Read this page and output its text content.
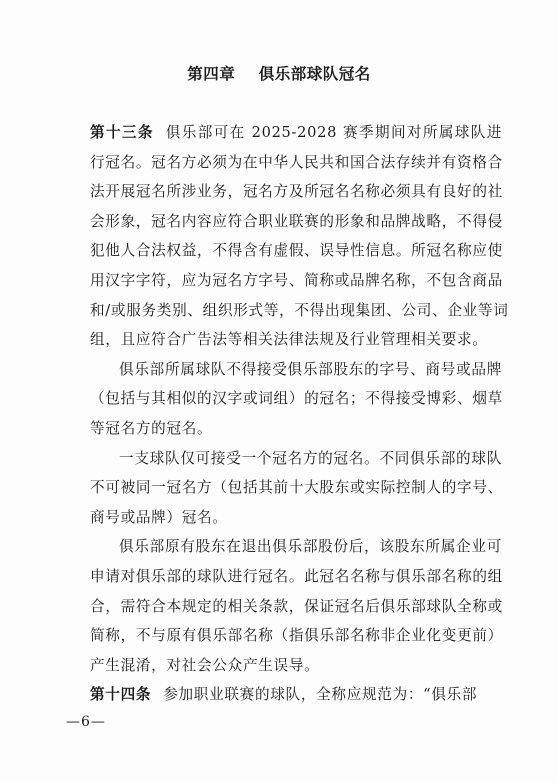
第四章    俱乐部球队冠名
第十三条 俱乐部可在 2025-2028 赛季期间对所属球队进
行冠名。冠名方必须为在中华人民共和国合法存续并有资格合
法开展冠名所涉业务，冠名方及所冠名名称必须具有良好的社
会形象，冠名内容应符合职业联赛的形象和品牌战略，不得侵
犯他人合法权益，不得含有虚假、误导性信息。所冠名称应使
用汉字字符，应为冠名方字号、简称或品牌名称，不包含商品
和/或服务类别、组织形式等，不得出现集团、公司、企业等词
组，且应符合广告法等相关法律法规及行业管理相关要求。
俱乐部所属球队不得接受俱乐部股东的字号、商号或品牌
（包括与其相似的汉字或词组）的冠名；不得接受博彩、烟草
等冠名方的冠名。
一支球队仅可接受一个冠名方的冠名。不同俱乐部的球队
不可被同一冠名方（包括其前十大股东或实际控制人的字号、
商号或品牌）冠名。
俱乐部原有股东在退出俱乐部股份后，该股东所属企业可
申请对俱乐部的球队进行冠名。此冠名名称与俱乐部名称的组
合，需符合本规定的相关条款，保证冠名后俱乐部球队全称或
简称，不与原有俱乐部名称（指俱乐部名称非企业化变更前）
产生混淆，对社会公众产生误导。
第十四条 参加职业联赛的球队，全称应规范为：“俱乐部
—6—
